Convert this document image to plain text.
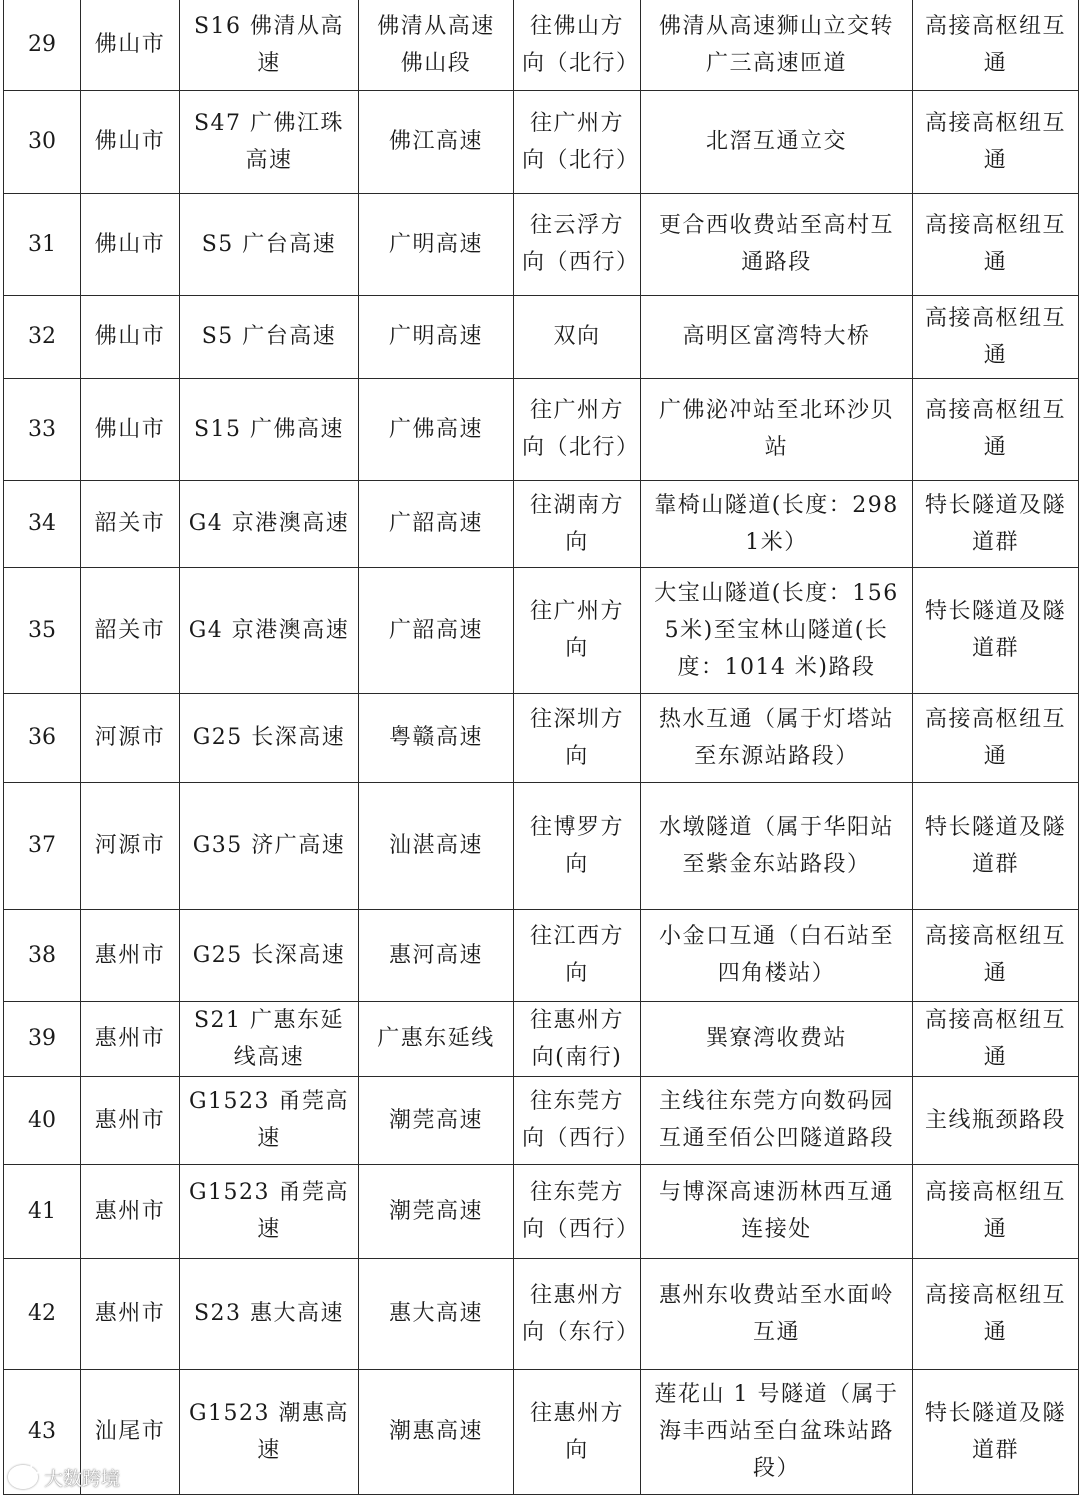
29	佛山市	S16 佛清从高速	佛清从高速佛山段	往佛山方向（北行）	佛清从高速狮山立交转广三高速匝道	高接高枢纽互通
30	佛山市	S47 广佛江珠高速	佛江高速	往广州方向（北行）	北滘互通立交	高接高枢纽互通
31	佛山市	S5 广台高速	广明高速	往云浮方向（西行）	更合西收费站至高村互通路段	高接高枢纽互通
32	佛山市	S5 广台高速	广明高速	双向	高明区富湾特大桥	高接高枢纽互通
33	佛山市	S15 广佛高速	广佛高速	往广州方向（北行）	广佛泌冲站至北环沙贝站	高接高枢纽互通
34	韶关市	G4 京港澳高速	广韶高速	往湖南方向	靠椅山隧道(长度：2981米）	特长隧道及隧道群
35	韶关市	G4 京港澳高速	广韶高速	往广州方向	大宝山隧道(长度：1565米)至宝林山隧道(长度：1014 米)路段	特长隧道及隧道群
36	河源市	G25 长深高速	粤赣高速	往深圳方向	热水互通（属于灯塔站至东源站路段）	高接高枢纽互通
37	河源市	G35 济广高速	汕湛高速	往博罗方向	水墩隧道（属于华阳站至紫金东站路段）	特长隧道及隧道群
38	惠州市	G25 长深高速	惠河高速	往江西方向	小金口互通（白石站至四角楼站）	高接高枢纽互通
39	惠州市	S21 广惠东延线高速	广惠东延线	往惠州方向(南行)	巽寮湾收费站	高接高枢纽互通
40	惠州市	G1523 甬莞高速	潮莞高速	往东莞方向（西行）	主线往东莞方向数码园互通至佰公凹隧道路段	主线瓶颈路段
41	惠州市	G1523 甬莞高速	潮莞高速	往东莞方向（西行）	与博深高速沥林西互通连接处	高接高枢纽互通
42	惠州市	S23 惠大高速	惠大高速	往惠州方向（东行）	惠州东收费站至水面岭互通	高接高枢纽互通
43	汕尾市	G1523 潮惠高速	潮惠高速	往惠州方向	莲花山 1 号隧道（属于海丰西站至白盆珠站路段）	特长隧道及隧道群
大数跨境
